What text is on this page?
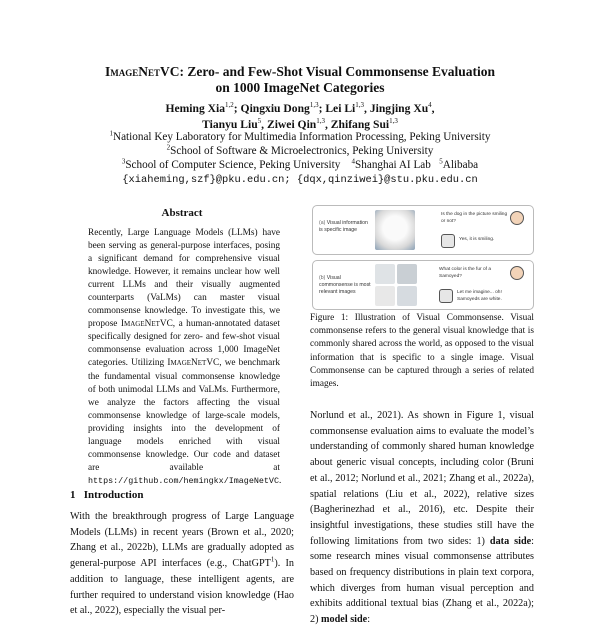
ImageNetVC: Zero- and Few-Shot Visual Commonsense Evaluation
on 1000 ImageNet Categories
Heming Xia$^{1,2}$; Qingxiu Dong$^{1,3}$; Lei Li$^{1,3}$, Jingjing Xu$^4$,
Tianyu Liu$^5$, Ziwei Qin$^{1,3}$, Zhifang Sui$^{1,3}$
$^1$National Key Laboratory for Multimedia Information Processing, Peking University
$^2$School of Software & Microelectronics, Peking University
$^3$School of Computer Science, Peking University $^4$Shanghai AI Lab $^5$Alibaba
{xiaheming,szf}@pku.edu.cn; {dqx,qinziwei}@stu.pku.edu.cn
Abstract
Recently, Large Language Models (LLMs) have been serving as general-purpose interfaces, posing a significant demand for comprehensive visual knowledge. However, it remains unclear how well current LLMs and their visually augmented counterparts (VaLMs) can master visual commonsense knowledge. To investigate this, we propose ImageNetVC, a human-annotated dataset specifically designed for zero- and few-shot visual commonsense evaluation across 1,000 ImageNet categories. Utilizing ImageNetVC, we benchmark the fundamental visual commonsense knowledge of both unimodal LLMs and VaLMs. Furthermore, we analyze the factors affecting the visual commonsense knowledge of large-scale models, providing insights into the development of language models enriched with visual commonsense knowledge. Our code and dataset are available at https://github.com/hemingkx/ImageNetVC.
1 Introduction
With the breakthrough progress of Large Language Models (LLMs) in recent years (Brown et al., 2020; Zhang et al., 2022b), LLMs are gradually adopted as general-purpose API interfaces (e.g., ChatGPT$^1$). In addition to language, these intelligent agents, are further required to understand vision knowledge (Hao et al., 2022), especially the visual per-
(a) Visual information is specific image
Is the dog in the picture smiling or not?
Yes, it is smiling.
(b) Visual commonsense is most relevant images
What color is the fur of a Samoyed?
Let me imagine... oh! Samoyeds are white.
Figure 1: Illustration of Visual Commonsense. Visual commonsense refers to the general visual knowledge that is commonly shared across the world, as opposed to the visual information that is specific to a single image. Visual Commonsense can be captured through a series of related images.
Norlund et al., 2021). As shown in Figure 1, visual commonsense evaluation aims to evaluate the model’s understanding of commonly shared human knowledge about generic visual concepts, including color (Bruni et al., 2012; Norlund et al., 2021; Zhang et al., 2022a), spatial relations (Liu et al., 2022), relative sizes (Bagherinezhad et al., 2016), etc. Despite their insightful investigations, these studies still have the following limitations from two sides: 1) data side: some research mines visual commonsense attributes based on frequency distributions in plain text corpora, which diverges from human visual perception and exhibits additional textual bias (Zhang et al., 2022a); 2) model side:
